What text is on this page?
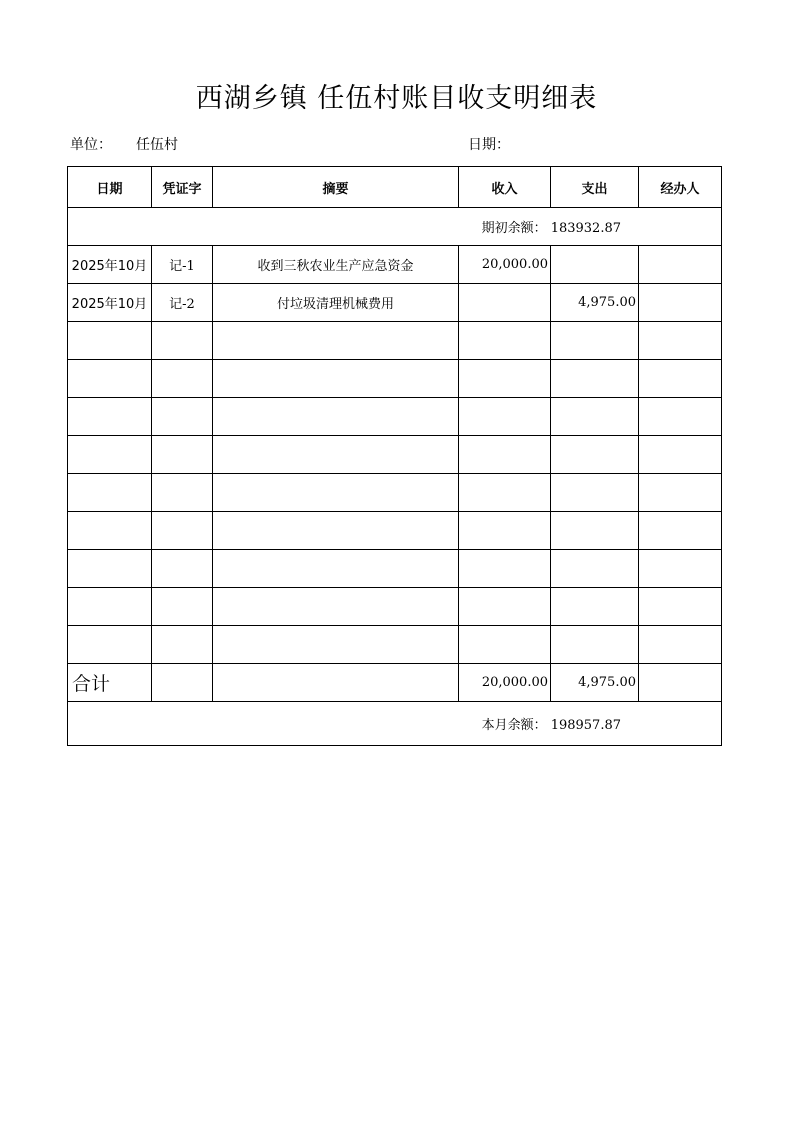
西湖乡镇 任伍村账目收支明细表
单位： 任伍村	日期：
日期	凭证字	摘要	收入	支出	经办人
期初余额： 183932.87					
2025年10月	记-1	收到三秋农业生产应急资金	20,000.00		
2025年10月	记-2	付垃圾清理机械费用		4,975.00	

合计			20,000.00	4,975.00	
本月余额： 198957.87					
